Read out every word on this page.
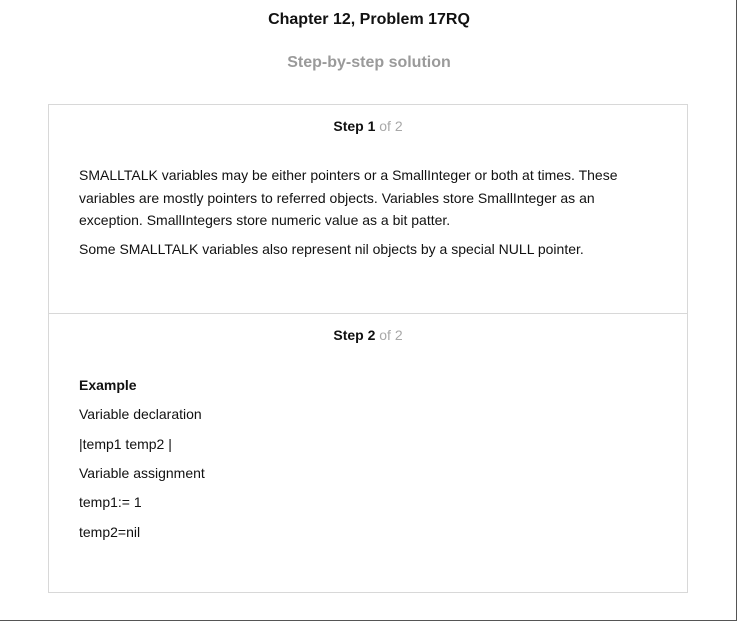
Chapter 12, Problem 17RQ
Step-by-step solution
Step 1 of 2
SMALLTALK variables may be either pointers or a SmallInteger or both at times. These variables are mostly pointers to referred objects. Variables store SmallInteger as an exception. SmallIntegers store numeric value as a bit patter.
Some SMALLTALK variables also represent nil objects by a special NULL pointer.
Step 2 of 2
Example
Variable declaration
|temp1 temp2 |
Variable assignment
temp1:= 1
temp2=nil
